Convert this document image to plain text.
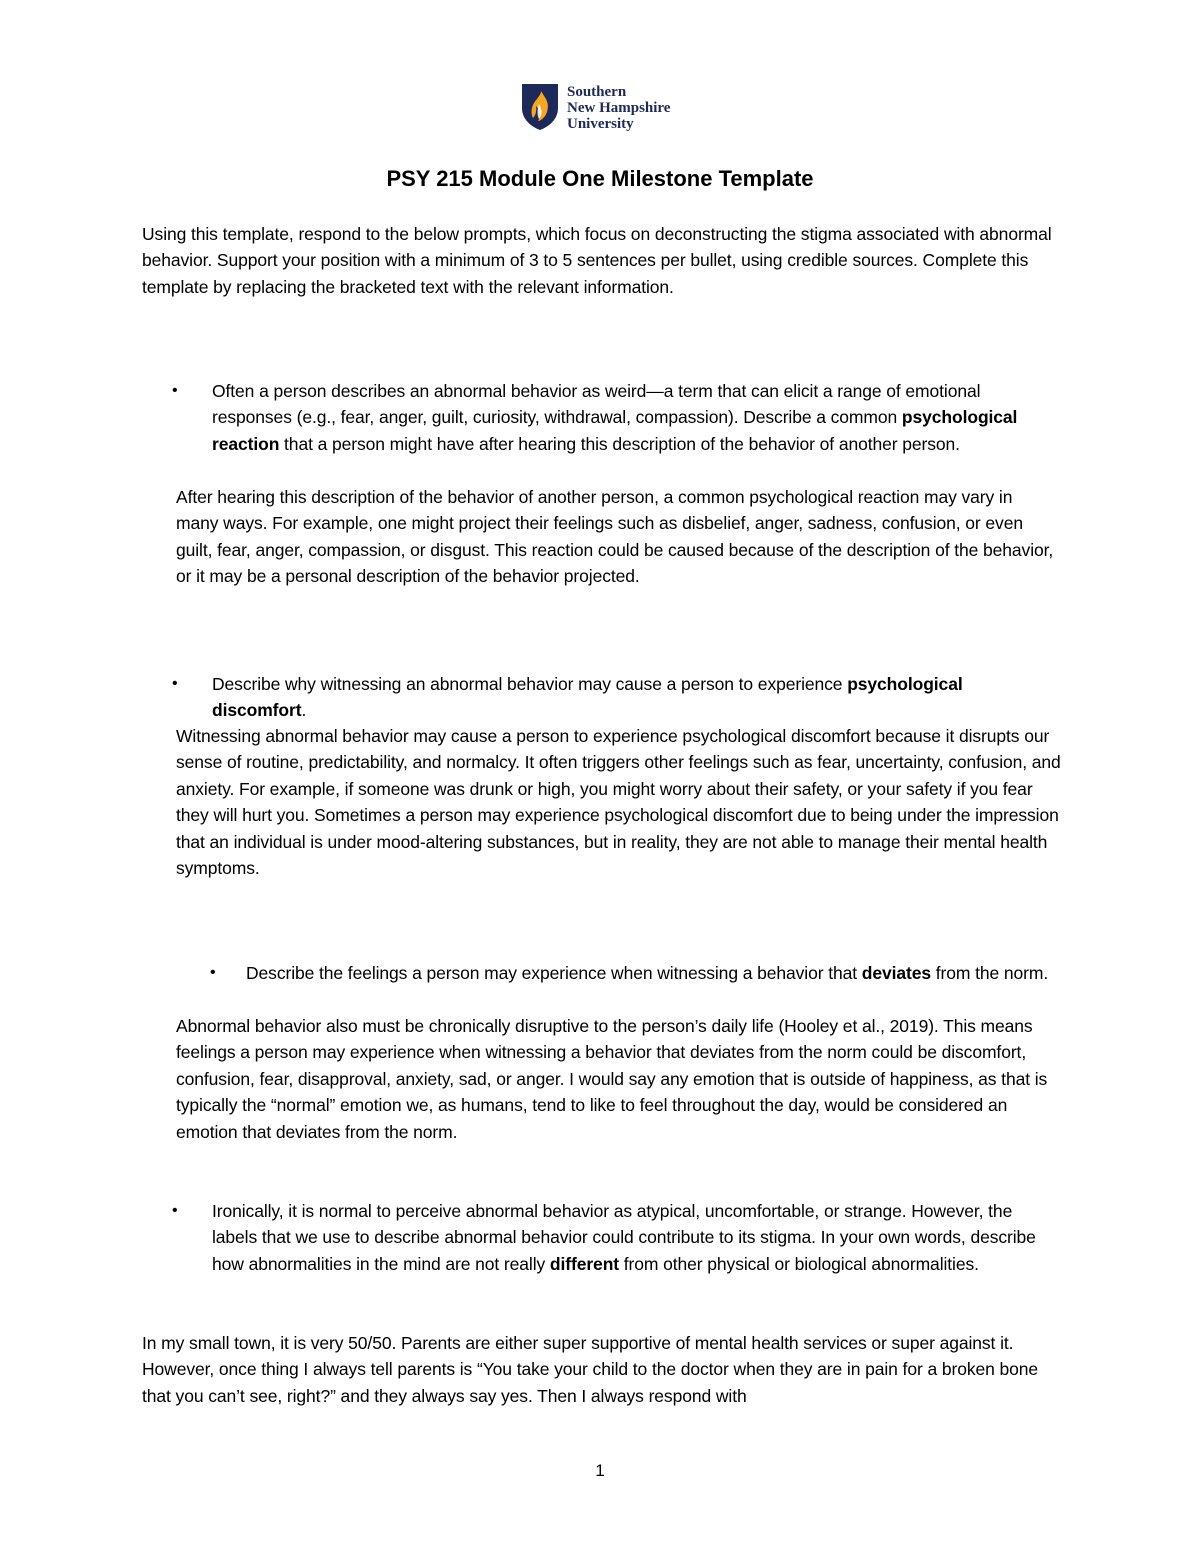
Southern
New Hampshire
University
PSY 215 Module One Milestone Template
Using this template, respond to the below prompts, which focus on deconstructing the stigma associated with abnormal behavior. Support your position with a minimum of 3 to 5 sentences per bullet, using credible sources. Complete this template by replacing the bracketed text with the relevant information.
• Often a person describes an abnormal behavior as weird—a term that can elicit a range of emotional responses (e.g., fear, anger, guilt, curiosity, withdrawal, compassion). Describe a common psychological reaction that a person might have after hearing this description of the behavior of another person.
After hearing this description of the behavior of another person, a common psychological reaction may vary in many ways. For example, one might project their feelings such as disbelief, anger, sadness, confusion, or even guilt, fear, anger, compassion, or disgust. This reaction could be caused because of the description of the behavior, or it may be a personal description of the behavior projected.
• Describe why witnessing an abnormal behavior may cause a person to experience psychological discomfort.
Witnessing abnormal behavior may cause a person to experience psychological discomfort because it disrupts our sense of routine, predictability, and normalcy. It often triggers other feelings such as fear, uncertainty, confusion, and anxiety. For example, if someone was drunk or high, you might worry about their safety, or your safety if you fear they will hurt you. Sometimes a person may experience psychological discomfort due to being under the impression that an individual is under mood-altering substances, but in reality, they are not able to manage their mental health symptoms.
• Describe the feelings a person may experience when witnessing a behavior that deviates from the norm.
Abnormal behavior also must be chronically disruptive to the person’s daily life (Hooley et al., 2019). This means feelings a person may experience when witnessing a behavior that deviates from the norm could be discomfort, confusion, fear, disapproval, anxiety, sad, or anger. I would say any emotion that is outside of happiness, as that is typically the “normal” emotion we, as humans, tend to like to feel throughout the day, would be considered an emotion that deviates from the norm.
• Ironically, it is normal to perceive abnormal behavior as atypical, uncomfortable, or strange. However, the labels that we use to describe abnormal behavior could contribute to its stigma. In your own words, describe how abnormalities in the mind are not really different from other physical or biological abnormalities.
In my small town, it is very 50/50. Parents are either super supportive of mental health services or super against it. However, once thing I always tell parents is “You take your child to the doctor when they are in pain for a broken bone that you can’t see, right?” and they always say yes. Then I always respond with
1
